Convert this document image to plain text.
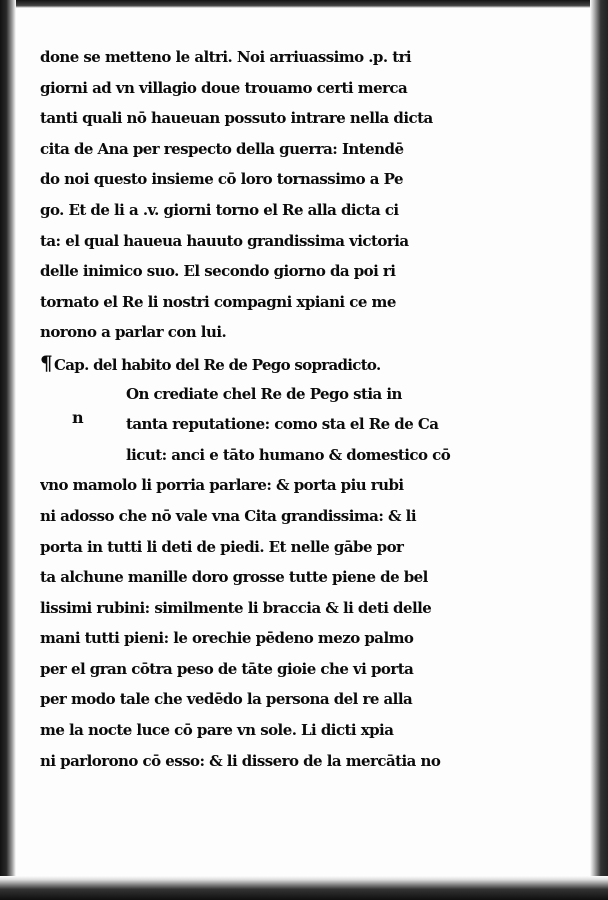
done se metteno le altri. Noi arriuassimo .p. tri
giorni ad vn villagio doue trouamo certi merca
tanti quali nō haueuan possuto intrare nella dicta
cita de Ana per respecto della guerra: Intendē
do noi questo insieme cō loro tornassimo a Pe
go. Et de li a .v. giorni torno el Re alla dicta ci
ta: el qual haueua hauuto grandissima victoria
delle inimico suo. El secondo giorno da poi ri
tornato el Re li nostri compagni xpiani ce me
norono a parlar con lui.
¶ Cap. del habito del Re de Pego sopradicto.
On crediate chel Re de Pego stia in
tanta reputatione: como sta el Re de Ca
licut: anci e tāto humano & domestico cō
vno mamolo li porria parlare: & porta piu rubi
ni adosso che nō vale vna Cita grandissima: & li
porta in tutti li deti de piedi. Et nelle gābe por
ta alchune manille doro grosse tutte piene de bel
lissimi rubini: similmente li braccia & li deti delle
mani tutti pieni: le orechie pēdeno mezo palmo
per el gran cōtra peso de tāte gioie che vi porta
per modo tale che vedēdo la persona del re alla
me la nocte luce cō pare vn sole. Li dicti xpia
ni parlorono cō esso: & li dissero de la mercātia no
n
